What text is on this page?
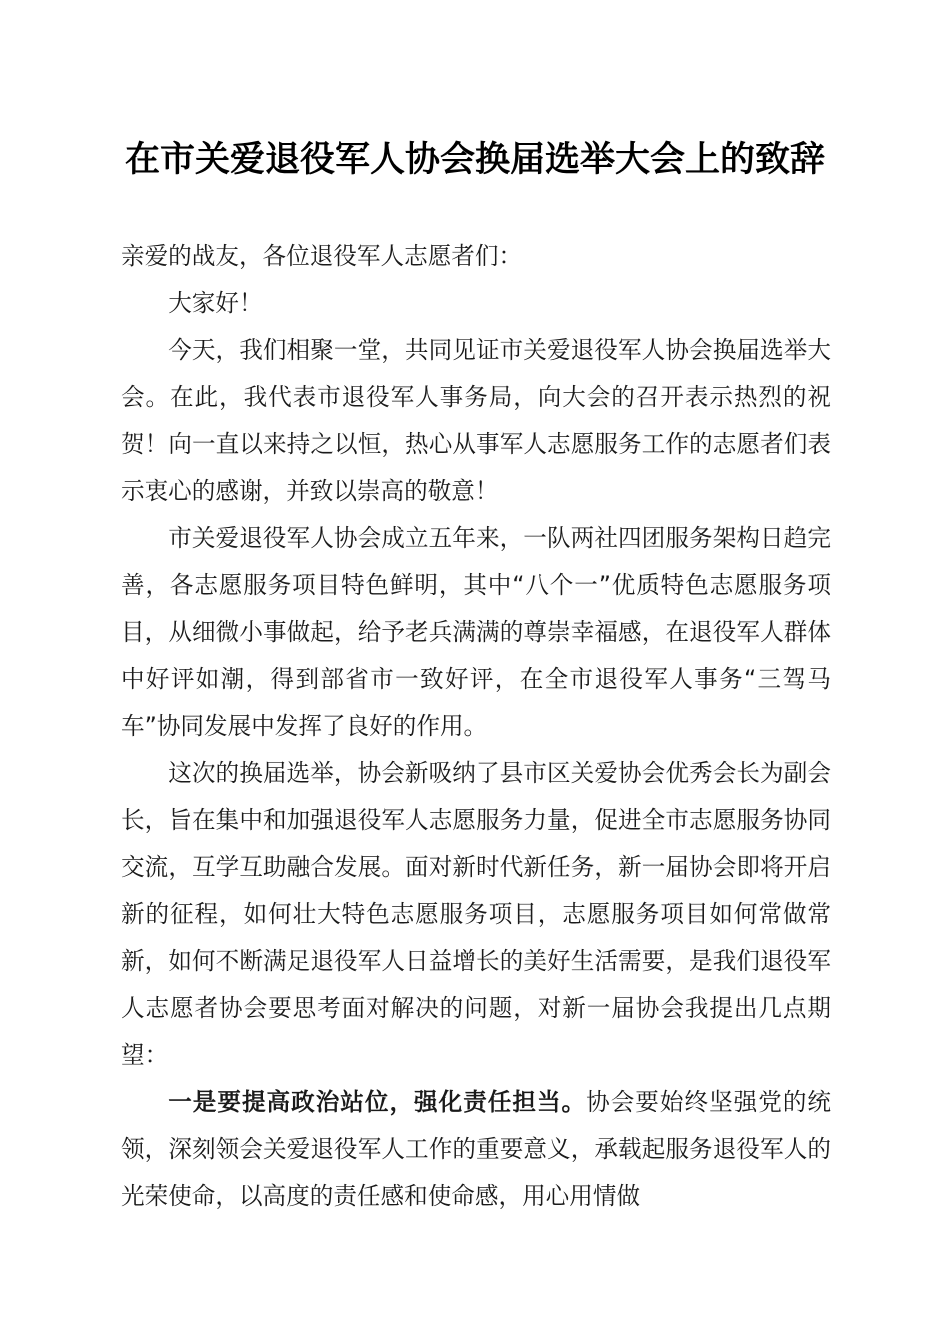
在市关爱退役军人协会换届选举大会上的致辞

亲爱的战友，各位退役军人志愿者们：

大家好！

今天，我们相聚一堂，共同见证市关爱退役军人协会换届选举大会。在此，我代表市退役军人事务局，向大会的召开表示热烈的祝贺！向一直以来持之以恒，热心从事军人志愿服务工作的志愿者们表示衷心的感谢，并致以崇高的敬意！

市关爱退役军人协会成立五年来，一队两社四团服务架构日趋完善，各志愿服务项目特色鲜明，其中“八个一”优质特色志愿服务项目，从细微小事做起，给予老兵满满的尊崇幸福感，在退役军人群体中好评如潮，得到部省市一致好评，在全市退役军人事务“三驾马车”协同发展中发挥了良好的作用。

这次的换届选举，协会新吸纳了县市区关爱协会优秀会长为副会长，旨在集中和加强退役军人志愿服务力量，促进全市志愿服务协同交流，互学互助融合发展。面对新时代新任务，新一届协会即将开启新的征程，如何壮大特色志愿服务项目，志愿服务项目如何常做常新，如何不断满足退役军人日益增长的美好生活需要，是我们退役军人志愿者协会要思考面对解决的问题，对新一届协会我提出几点期望：

一是要提高政治站位，强化责任担当。协会要始终坚强党的统领，深刻领会关爱退役军人工作的重要意义，承载起服务退役军人的光荣使命，以高度的责任感和使命感，用心用情做
